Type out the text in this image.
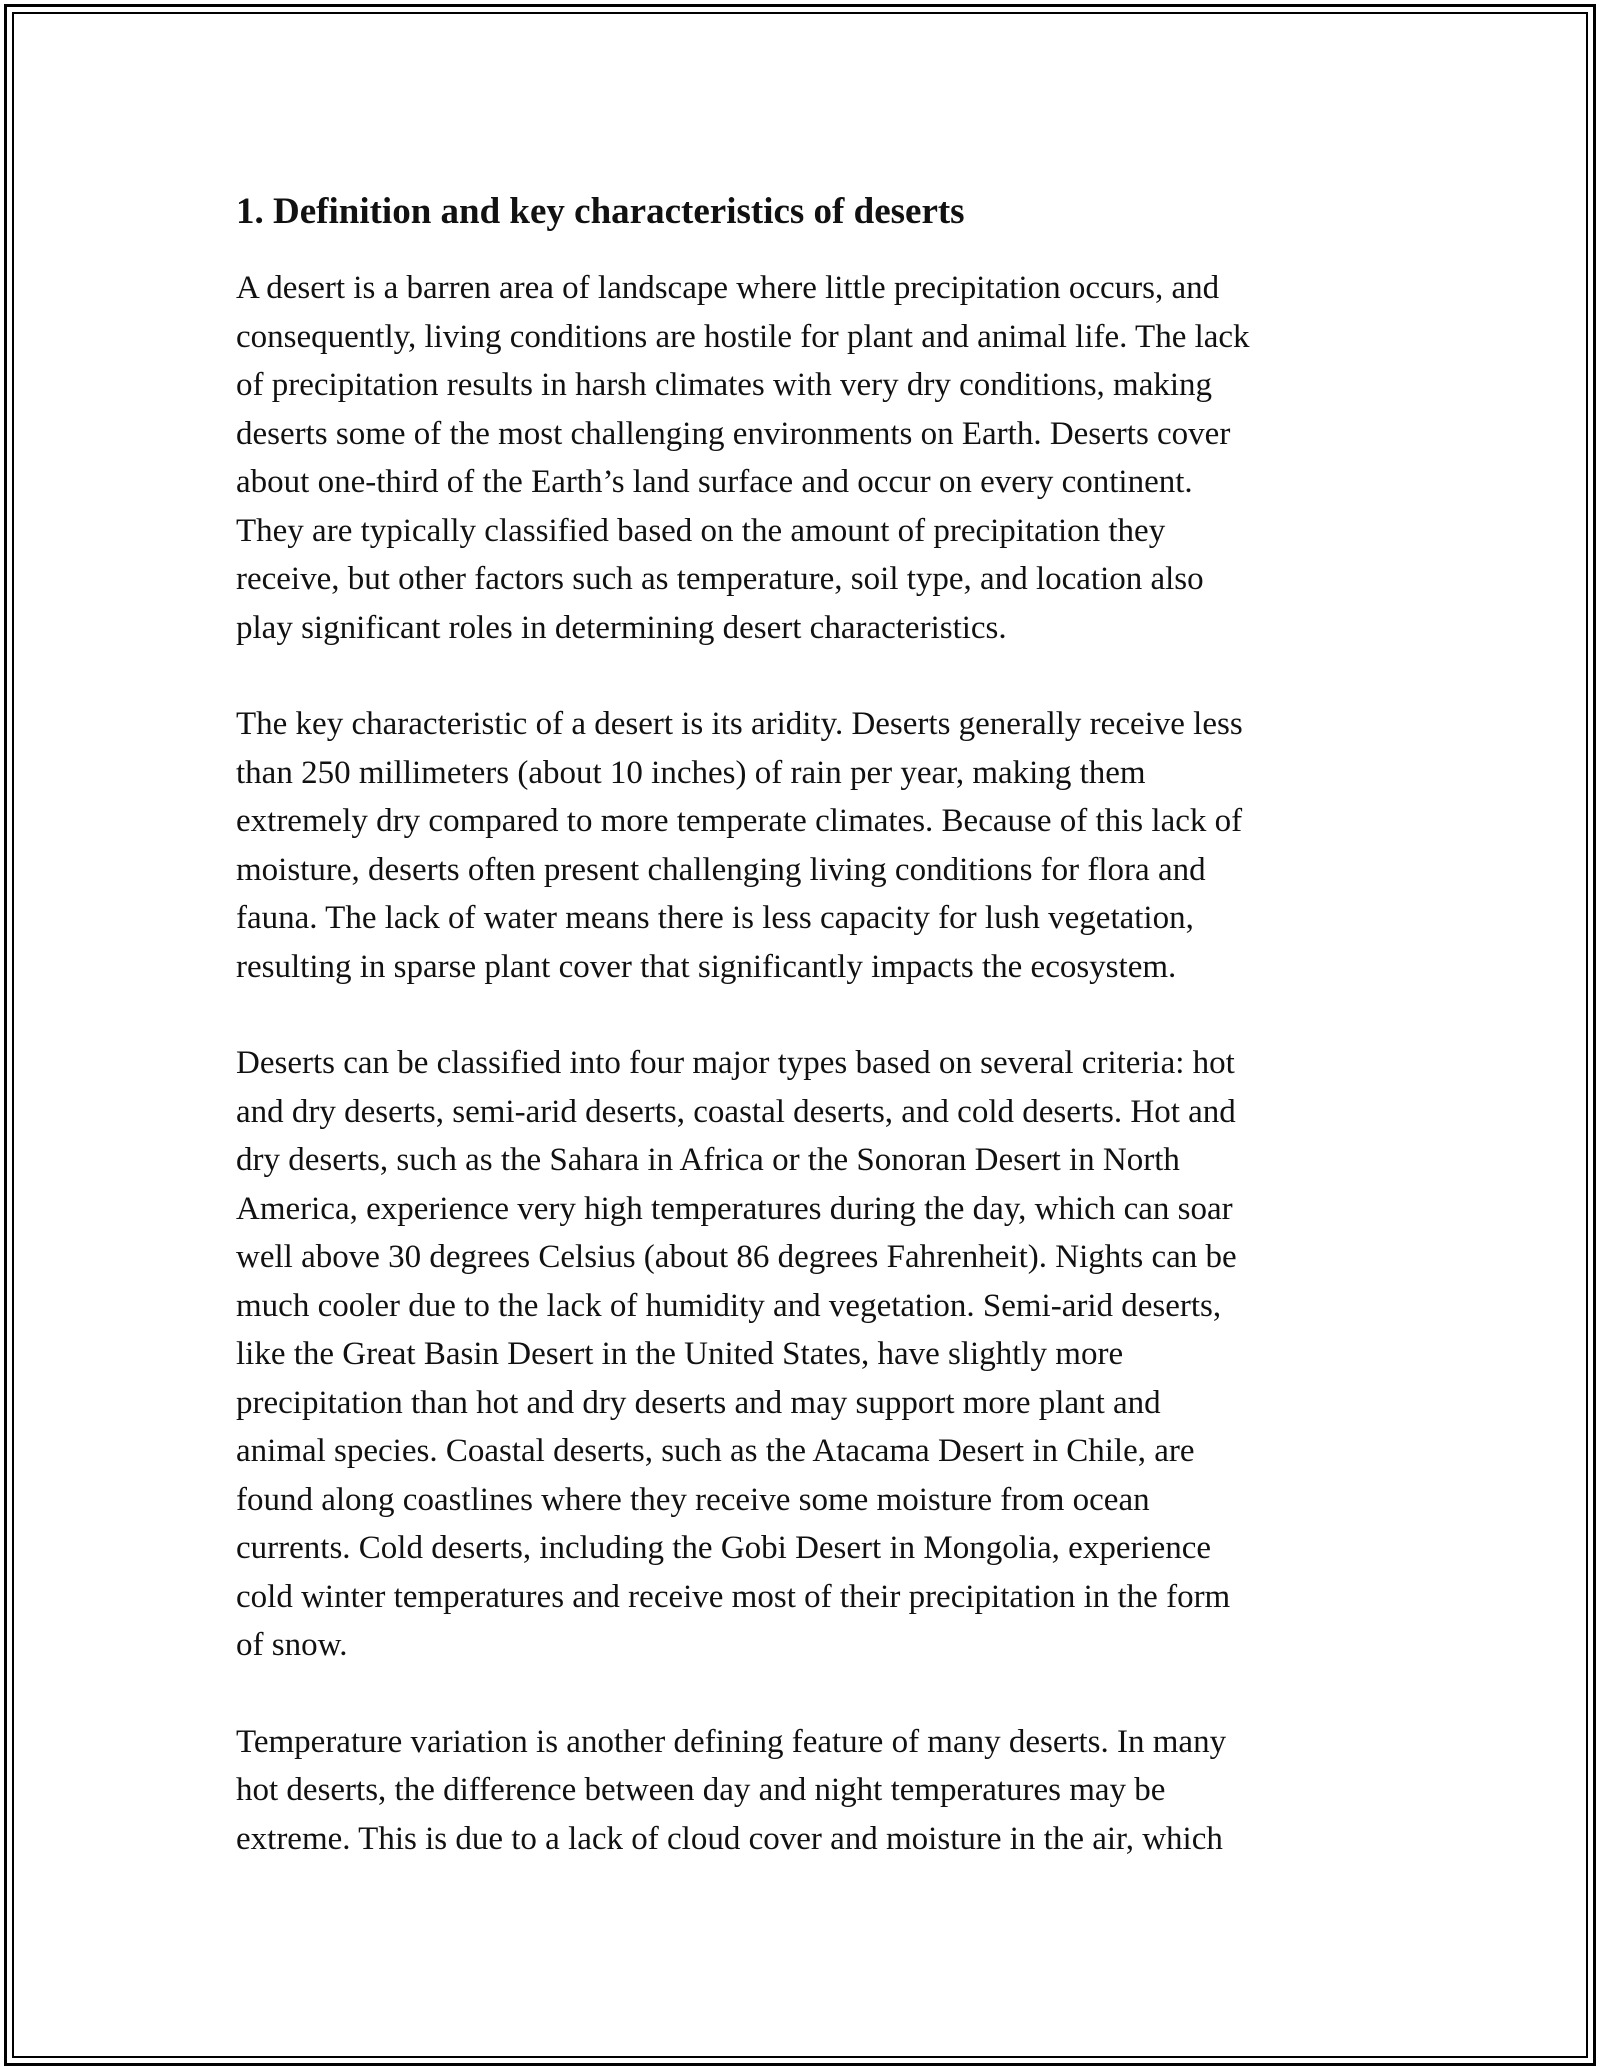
1. Definition and key characteristics of deserts

A desert is a barren area of landscape where little precipitation occurs, and
consequently, living conditions are hostile for plant and animal life. The lack
of precipitation results in harsh climates with very dry conditions, making
deserts some of the most challenging environments on Earth. Deserts cover
about one-third of the Earth’s land surface and occur on every continent.
They are typically classified based on the amount of precipitation they
receive, but other factors such as temperature, soil type, and location also
play significant roles in determining desert characteristics.

The key characteristic of a desert is its aridity. Deserts generally receive less
than 250 millimeters (about 10 inches) of rain per year, making them
extremely dry compared to more temperate climates. Because of this lack of
moisture, deserts often present challenging living conditions for flora and
fauna. The lack of water means there is less capacity for lush vegetation,
resulting in sparse plant cover that significantly impacts the ecosystem.

Deserts can be classified into four major types based on several criteria: hot
and dry deserts, semi-arid deserts, coastal deserts, and cold deserts. Hot and
dry deserts, such as the Sahara in Africa or the Sonoran Desert in North
America, experience very high temperatures during the day, which can soar
well above 30 degrees Celsius (about 86 degrees Fahrenheit). Nights can be
much cooler due to the lack of humidity and vegetation. Semi-arid deserts,
like the Great Basin Desert in the United States, have slightly more
precipitation than hot and dry deserts and may support more plant and
animal species. Coastal deserts, such as the Atacama Desert in Chile, are
found along coastlines where they receive some moisture from ocean
currents. Cold deserts, including the Gobi Desert in Mongolia, experience
cold winter temperatures and receive most of their precipitation in the form
of snow.

Temperature variation is another defining feature of many deserts. In many
hot deserts, the difference between day and night temperatures may be
extreme. This is due to a lack of cloud cover and moisture in the air, which
